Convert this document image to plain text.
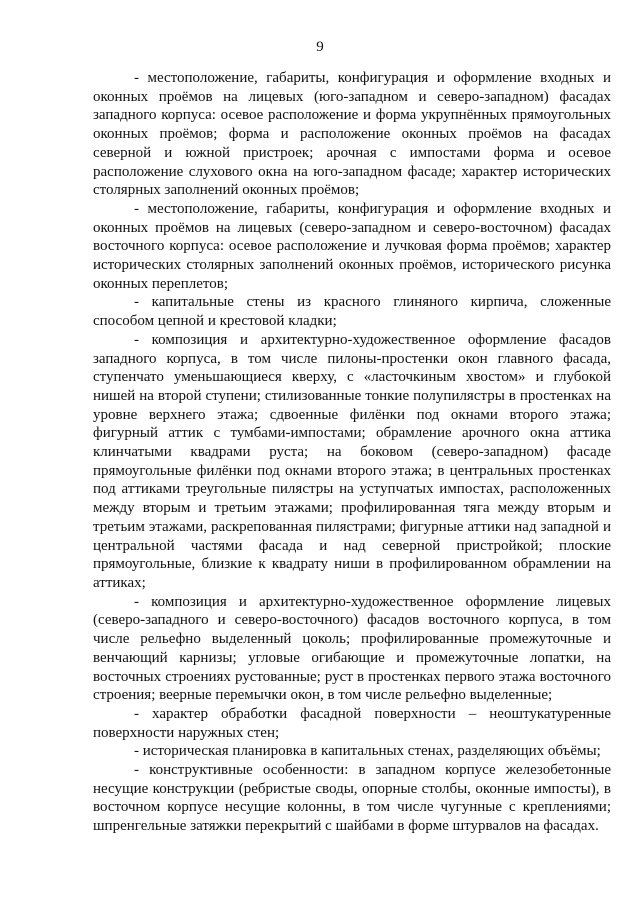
9

- местоположение, габариты, конфигурация и оформление входных и оконных проёмов на лицевых (юго-западном и северо-западном) фасадах западного корпуса: осевое расположение и форма укрупнённых прямоугольных оконных проёмов; форма и расположение оконных проёмов на фасадах северной и южной пристроек; арочная с импостами форма и осевое расположение слухового окна на юго-западном фасаде; характер исторических столярных заполнений оконных проёмов;

- местоположение, габариты, конфигурация и оформление входных и оконных проёмов на лицевых (северо-западном и северо-восточном) фасадах восточного корпуса: осевое расположение и лучковая форма проёмов; характер исторических столярных заполнений оконных проёмов, исторического рисунка оконных переплетов;

- капитальные стены из красного глиняного кирпича, сложенные способом цепной и крестовой кладки;

- композиция и архитектурно-художественное оформление фасадов западного корпуса, в том числе пилоны-простенки окон главного фасада, ступенчато уменьшающиеся кверху, с «ласточкиным хвостом» и глубокой нишей на второй ступени; стилизованные тонкие полупилястры в простенках на уровне верхнего этажа; сдвоенные филёнки под окнами второго этажа; фигурный аттик с тумбами-импостами; обрамление арочного окна аттика клинчатыми квадрами руста; на боковом (северо-западном) фасаде прямоугольные филёнки под окнами второго этажа; в центральных простенках под аттиками треугольные пилястры на уступчатых импостах, расположенных между вторым и третьим этажами; профилированная тяга между вторым и третьим этажами, раскрепованная пилястрами; фигурные аттики над западной и центральной частями фасада и над северной пристройкой; плоские прямоугольные, близкие к квадрату ниши в профилированном обрамлении на аттиках;

- композиция и архитектурно-художественное оформление лицевых (северо-западного и северо-восточного) фасадов восточного корпуса, в том числе рельефно выделенный цоколь; профилированные промежуточные и венчающий карнизы; угловые огибающие и промежуточные лопатки, на восточных строениях рустованные; руст в простенках первого этажа восточного строения; веерные перемычки окон, в том числе рельефно выделенные;

- характер обработки фасадной поверхности – неоштукатуренные поверхности наружных стен;

- историческая планировка в капитальных стенах, разделяющих объёмы;

- конструктивные особенности: в западном корпусе железобетонные несущие конструкции (ребристые своды, опорные столбы, оконные импосты), в восточном корпусе несущие колонны, в том числе чугунные с креплениями; шпренгельные затяжки перекрытий с шайбами в форме штурвалов на фасадах.
